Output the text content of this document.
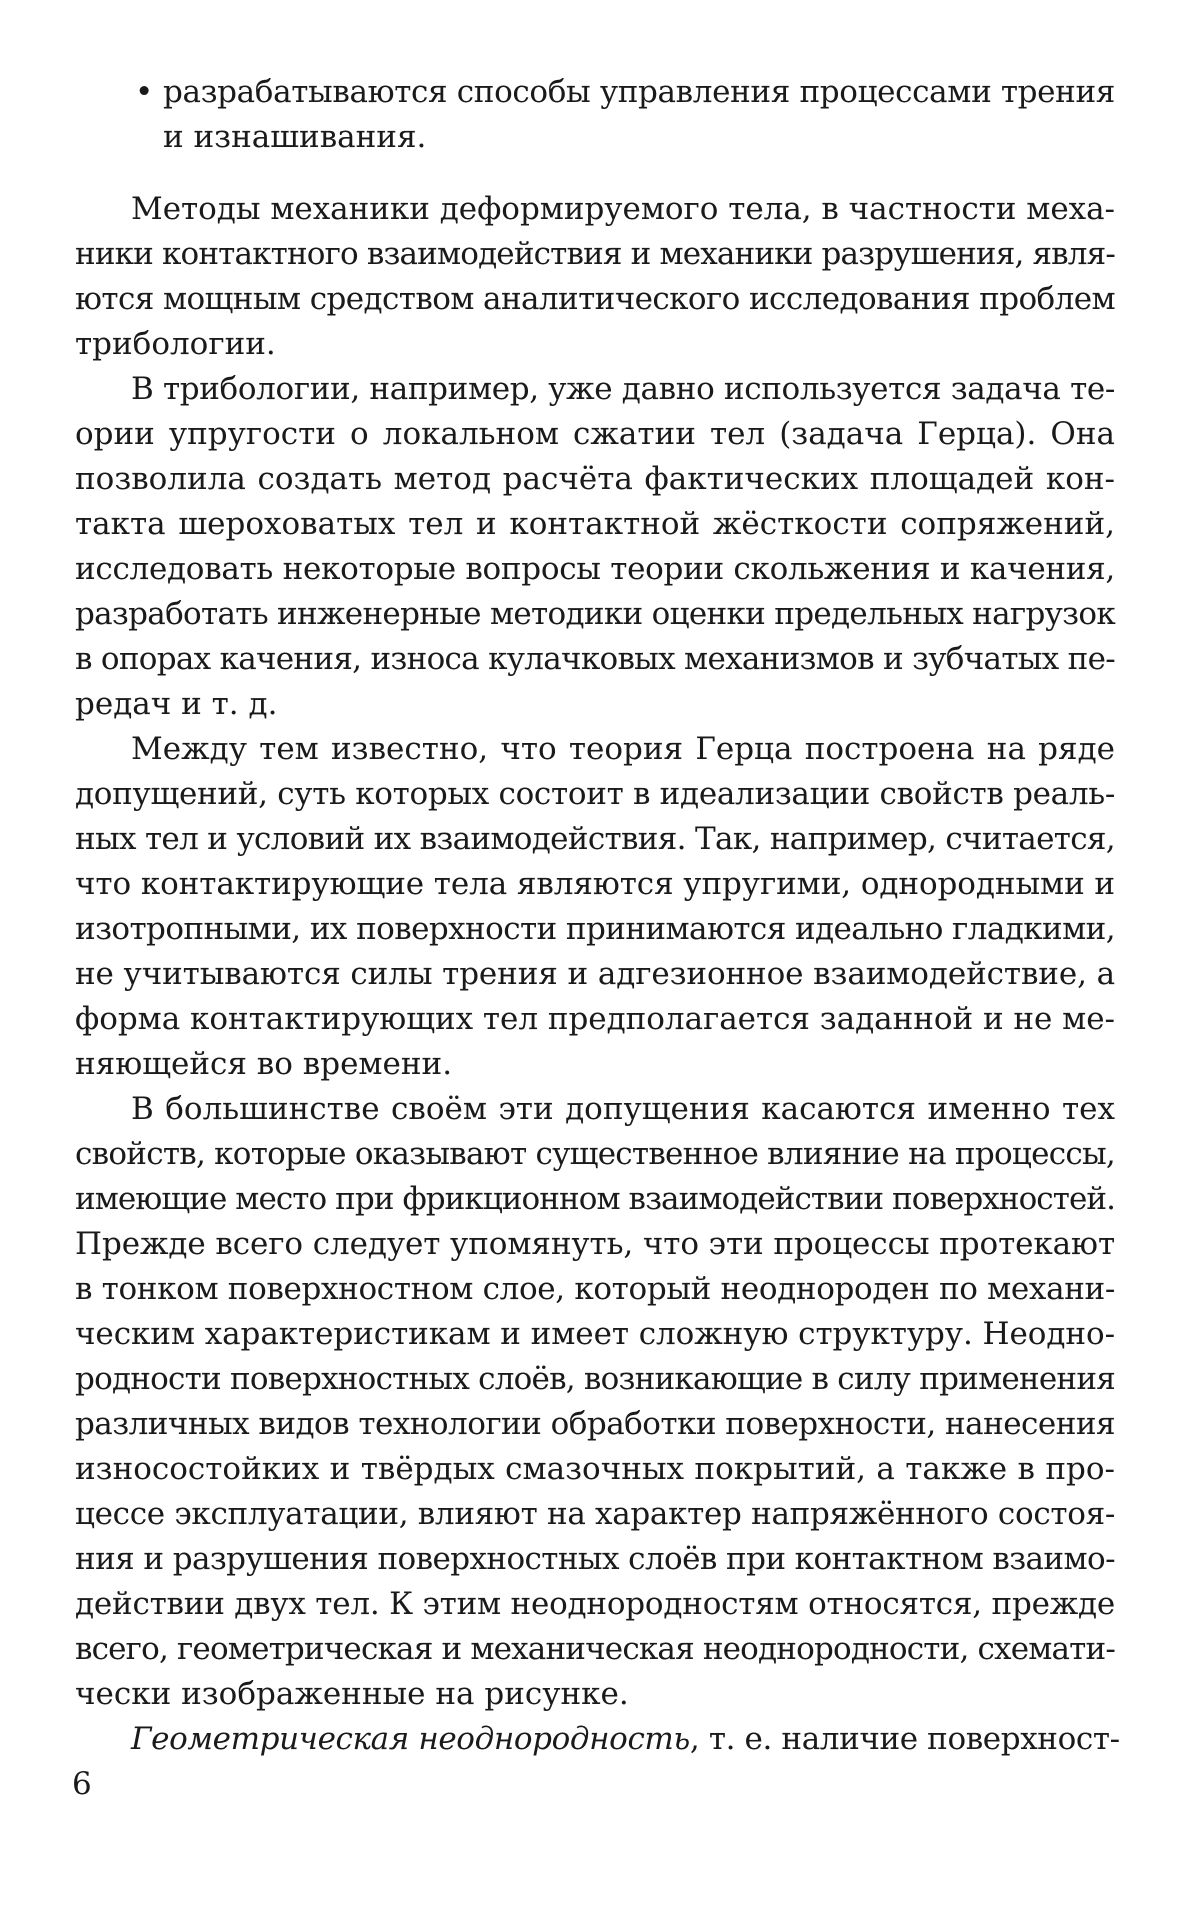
• разрабатываются способы управления процессами трения
и изнашивания.
Методы механики деформируемого тела, в частности меха-
ники контактного взаимодействия и механики разрушения, явля-
ются мощным средством аналитического исследования проблем
трибологии.
В трибологии, например, уже давно используется задача те-
ории упругости о локальном сжатии тел (задача Герца). Она
позволила создать метод расчёта фактических площадей кон-
такта шероховатых тел и контактной жёсткости сопряжений,
исследовать некоторые вопросы теории скольжения и качения,
разработать инженерные методики оценки предельных нагрузок
в опорах качения, износа кулачковых механизмов и зубчатых пе-
редач и т. д.
Между тем известно, что теория Герца построена на ряде
допущений, суть которых состоит в идеализации свойств реаль-
ных тел и условий их взаимодействия. Так, например, считается,
что контактирующие тела являются упругими, однородными и
изотропными, их поверхности принимаются идеально гладкими,
не учитываются силы трения и адгезионное взаимодействие, а
форма контактирующих тел предполагается заданной и не ме-
няющейся во времени.
В большинстве своём эти допущения касаются именно тех
свойств, которые оказывают существенное влияние на процессы,
имеющие место при фрикционном взаимодействии поверхностей.
Прежде всего следует упомянуть, что эти процессы протекают
в тонком поверхностном слое, который неоднороден по механи-
ческим характеристикам и имеет сложную структуру. Неодно-
родности поверхностных слоёв, возникающие в силу применения
различных видов технологии обработки поверхности, нанесения
износостойких и твёрдых смазочных покрытий, а также в про-
цессе эксплуатации, влияют на характер напряжённого состоя-
ния и разрушения поверхностных слоёв при контактном взаимо-
действии двух тел. К этим неоднородностям относятся, прежде
всего, геометрическая и механическая неоднородности, схемати-
чески изображенные на рисунке.
Геометрическая неоднородность, т. е. наличие поверхност-
6
